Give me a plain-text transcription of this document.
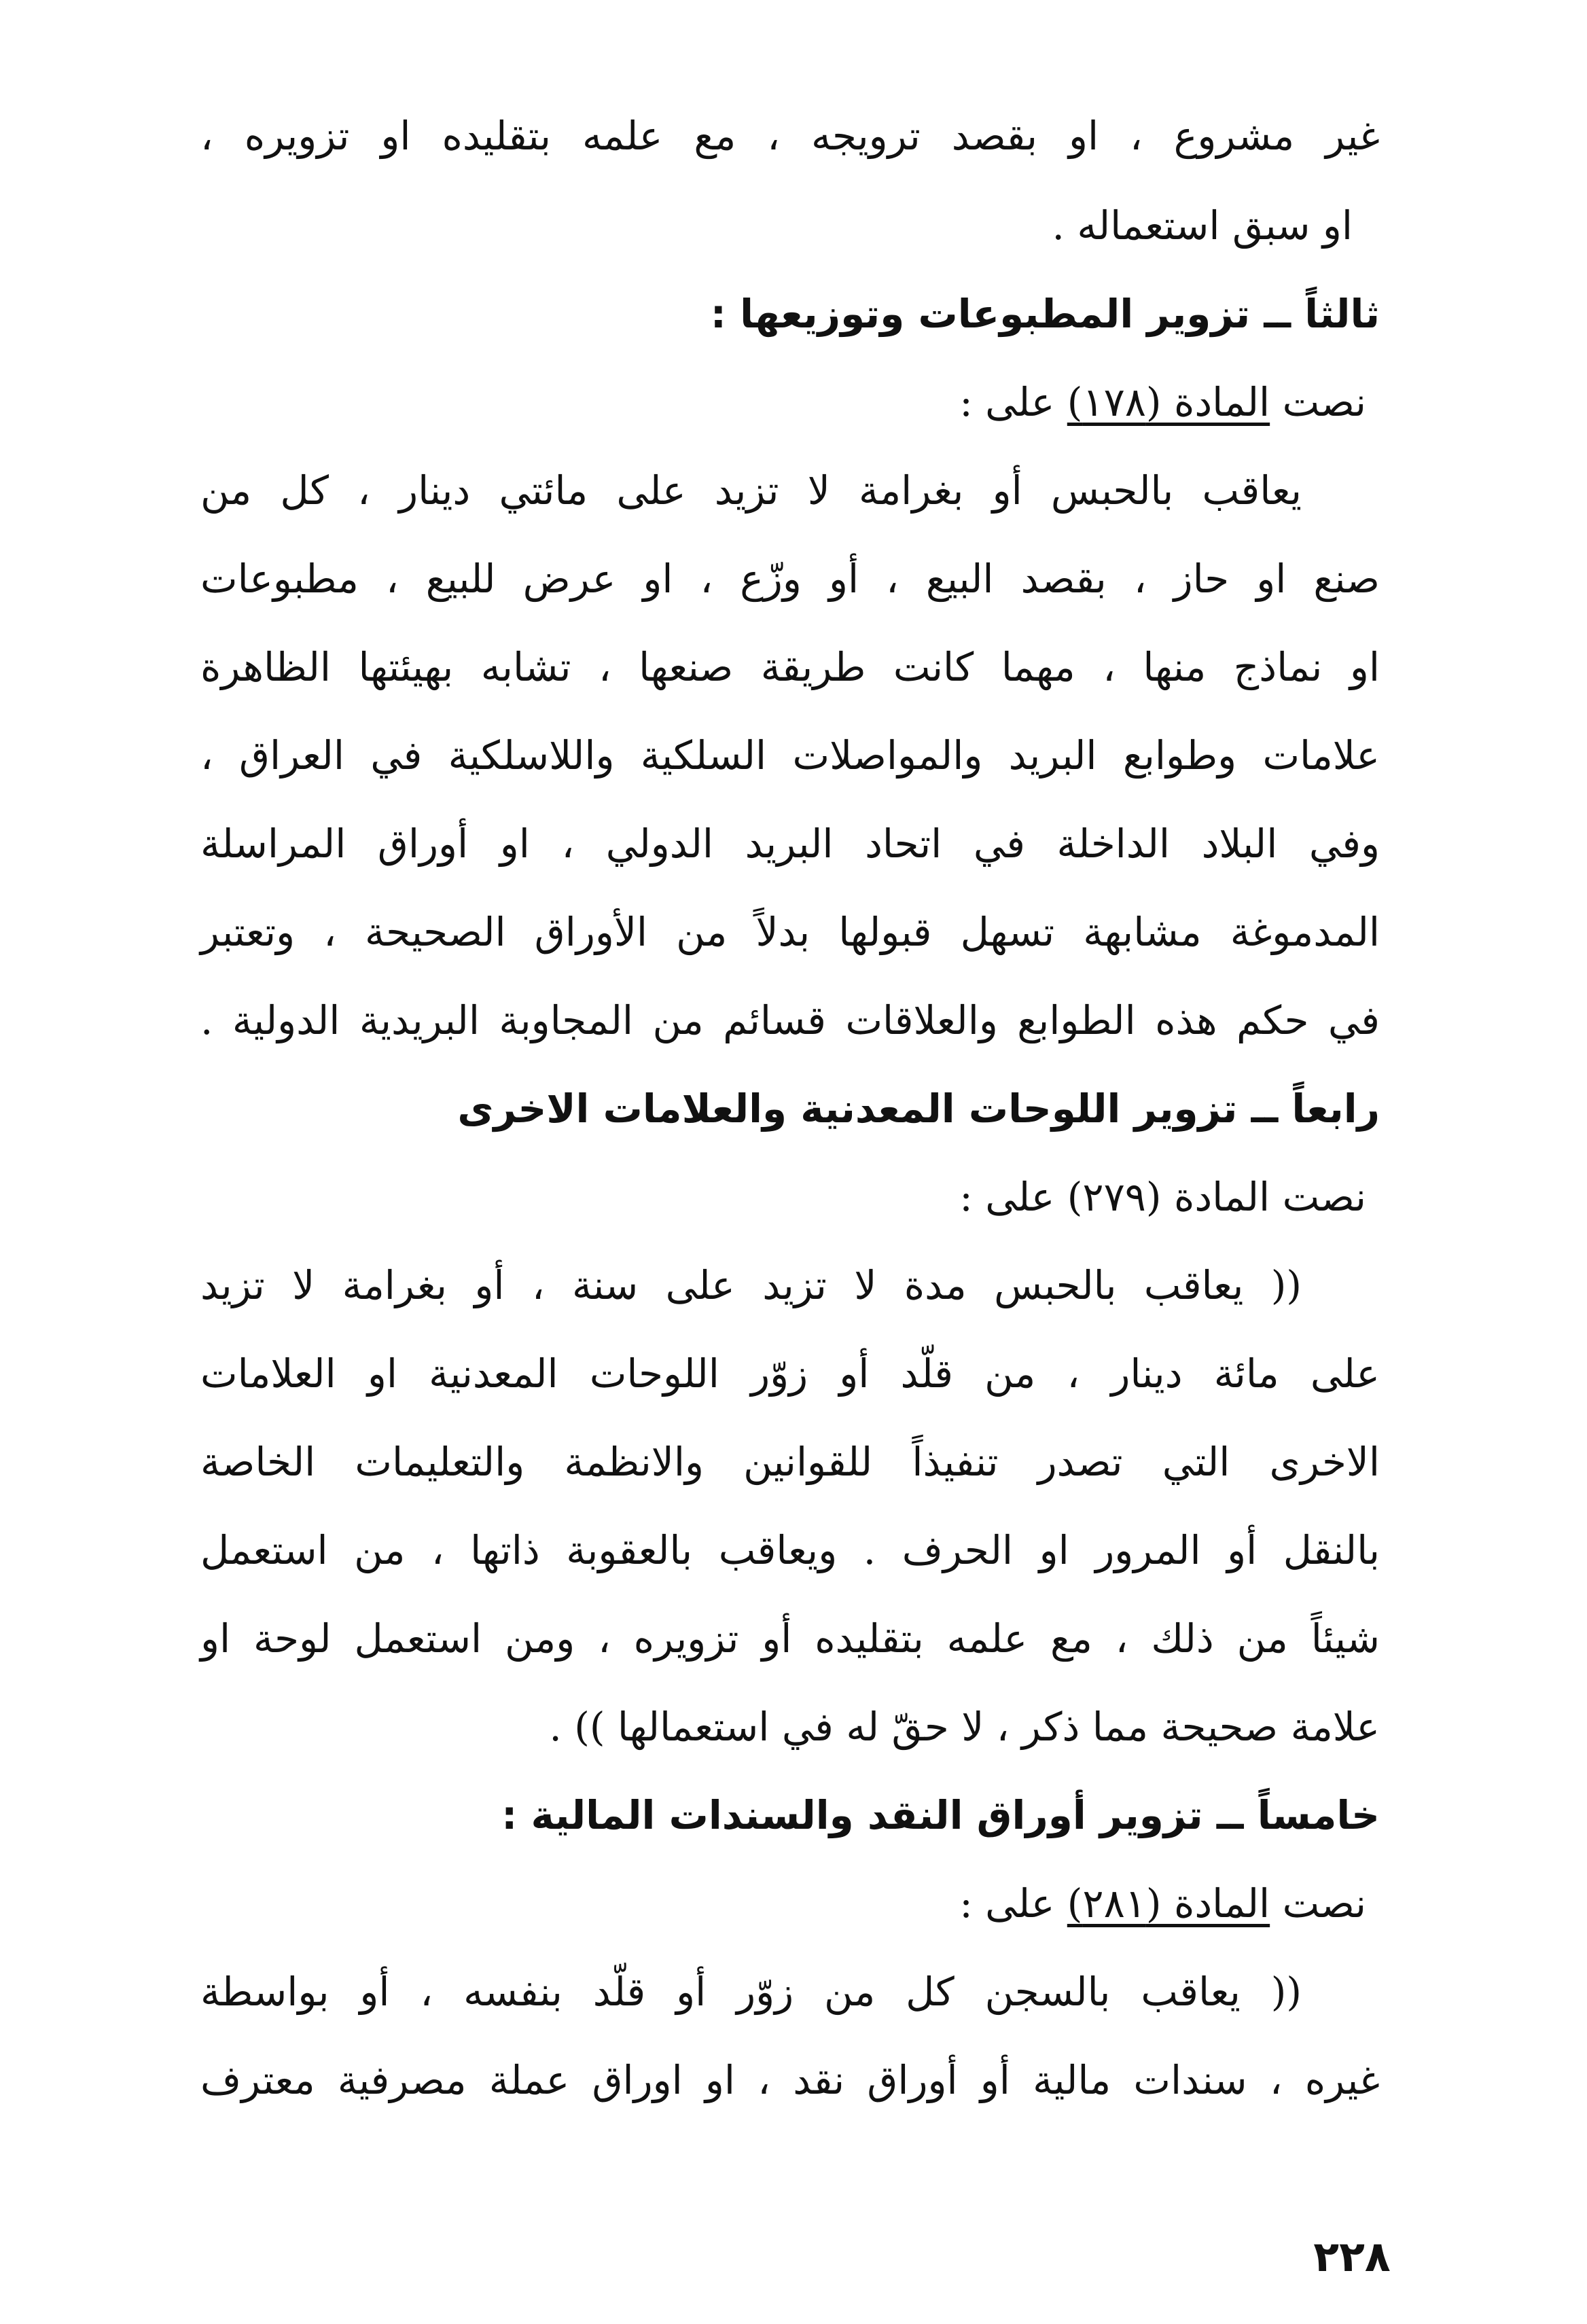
غير مشروع ، او بقصد ترويجه ، مع علمه بتقليده او تزويره ،
او سبق استعماله .
ثالثاً ــ تزوير المطبوعات وتوزيعها :
نصت المادة (١٧٨) على :
يعاقب بالحبس أو بغرامة لا تزيد على مائتي دينار ، كل من
صنع او حاز ، بقصد البيع ، أو وزّع ، او عرض للبيع ، مطبوعات
او نماذج منها ، مهما كانت طريقة صنعها ، تشابه بهيئتها الظاهرة
علامات وطوابع البريد والمواصلات السلكية واللاسلكية في العراق ،
وفي البلاد الداخلة في اتحاد البريد الدولي ، او أوراق المراسلة
المدموغة مشابهة تسهل قبولها بدلاً من الأوراق الصحيحة ، وتعتبر
في حكم هذه الطوابع والعلاقات قسائم من المجاوبة البريدية الدولية .
رابعاً ــ تزوير اللوحات المعدنية والعلامات الاخرى
نصت المادة (٢٧٩) على :
(( يعاقب بالحبس مدة لا تزيد على سنة ، أو بغرامة لا تزيد
على مائة دينار ، من قلّد أو زوّر اللوحات المعدنية او العلامات
الاخرى التي تصدر تنفيذاً للقوانين والانظمة والتعليمات الخاصة
بالنقل أو المرور او الحرف . ويعاقب بالعقوبة ذاتها ، من استعمل
شيئاً من ذلك ، مع علمه بتقليده أو تزويره ، ومن استعمل لوحة او
علامة صحيحة مما ذكر ، لا حقّ له في استعمالها )) .
خامساً ــ تزوير أوراق النقد والسندات المالية :
نصت المادة (٢٨١) على :
(( يعاقب بالسجن كل من زوّر أو قلّد بنفسه ، أو بواسطة
غيره ، سندات مالية أو أوراق نقد ، او اوراق عملة مصرفية معترف
٢٢٨
